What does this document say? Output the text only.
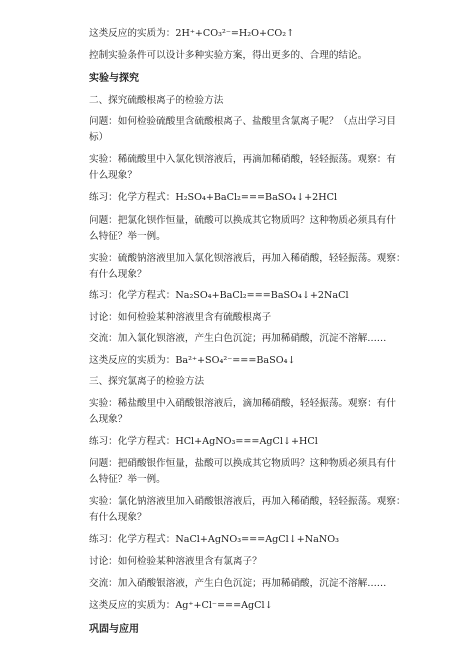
这类反应的实质为：2H⁺+CO₃²⁻=H₂O+CO₂↑
控制实验条件可以设计多种实验方案，得出更多的、合理的结论。
实验与探究
二、探究硫酸根离子的检验方法
问题：如何检验硫酸里含硫酸根离子、盐酸里含氯离子呢？（点出学习目
标）
实验：稀硫酸里中入氯化钡溶液后，再滴加稀硝酸，轻轻振荡。观察：有
什么现象？
练习：化学方程式：H₂SO₄+BaCl₂===BaSO₄↓+2HCl
问题：把氯化钡作恒量，硫酸可以换成其它物质吗？这种物质必须具有什
么特征？举一例。
实验：硫酸钠溶液里加入氯化钡溶液后，再加入稀硝酸，轻轻振荡。观察：
有什么现象？
练习：化学方程式：Na₂SO₄+BaCl₂===BaSO₄↓+2NaCl
讨论：如何检验某种溶液里含有硫酸根离子
交流：加入氯化钡溶液，产生白色沉淀；再加稀硝酸，沉淀不溶解……
这类反应的实质为：Ba²⁺+SO₄²⁻===BaSO₄↓
三、探究氯离子的检验方法
实验：稀盐酸里中入硝酸银溶液后，滴加稀硝酸，轻轻振荡。观察：有什
么现象？
练习：化学方程式：HCl+AgNO₃===AgCl↓+HCl
问题：把硝酸银作恒量，盐酸可以换成其它物质吗？这种物质必须具有什
么特征？举一例。
实验：氯化钠溶液里加入硝酸银溶液后，再加入稀硝酸，轻轻振荡。观察：
有什么现象？
练习：化学方程式：NaCl+AgNO₃===AgCl↓+NaNO₃
讨论：如何检验某种溶液里含有氯离子？
交流：加入硝酸银溶液，产生白色沉淀；再加稀硝酸，沉淀不溶解……
这类反应的实质为：Ag⁺+Cl⁻===AgCl↓
巩固与应用
